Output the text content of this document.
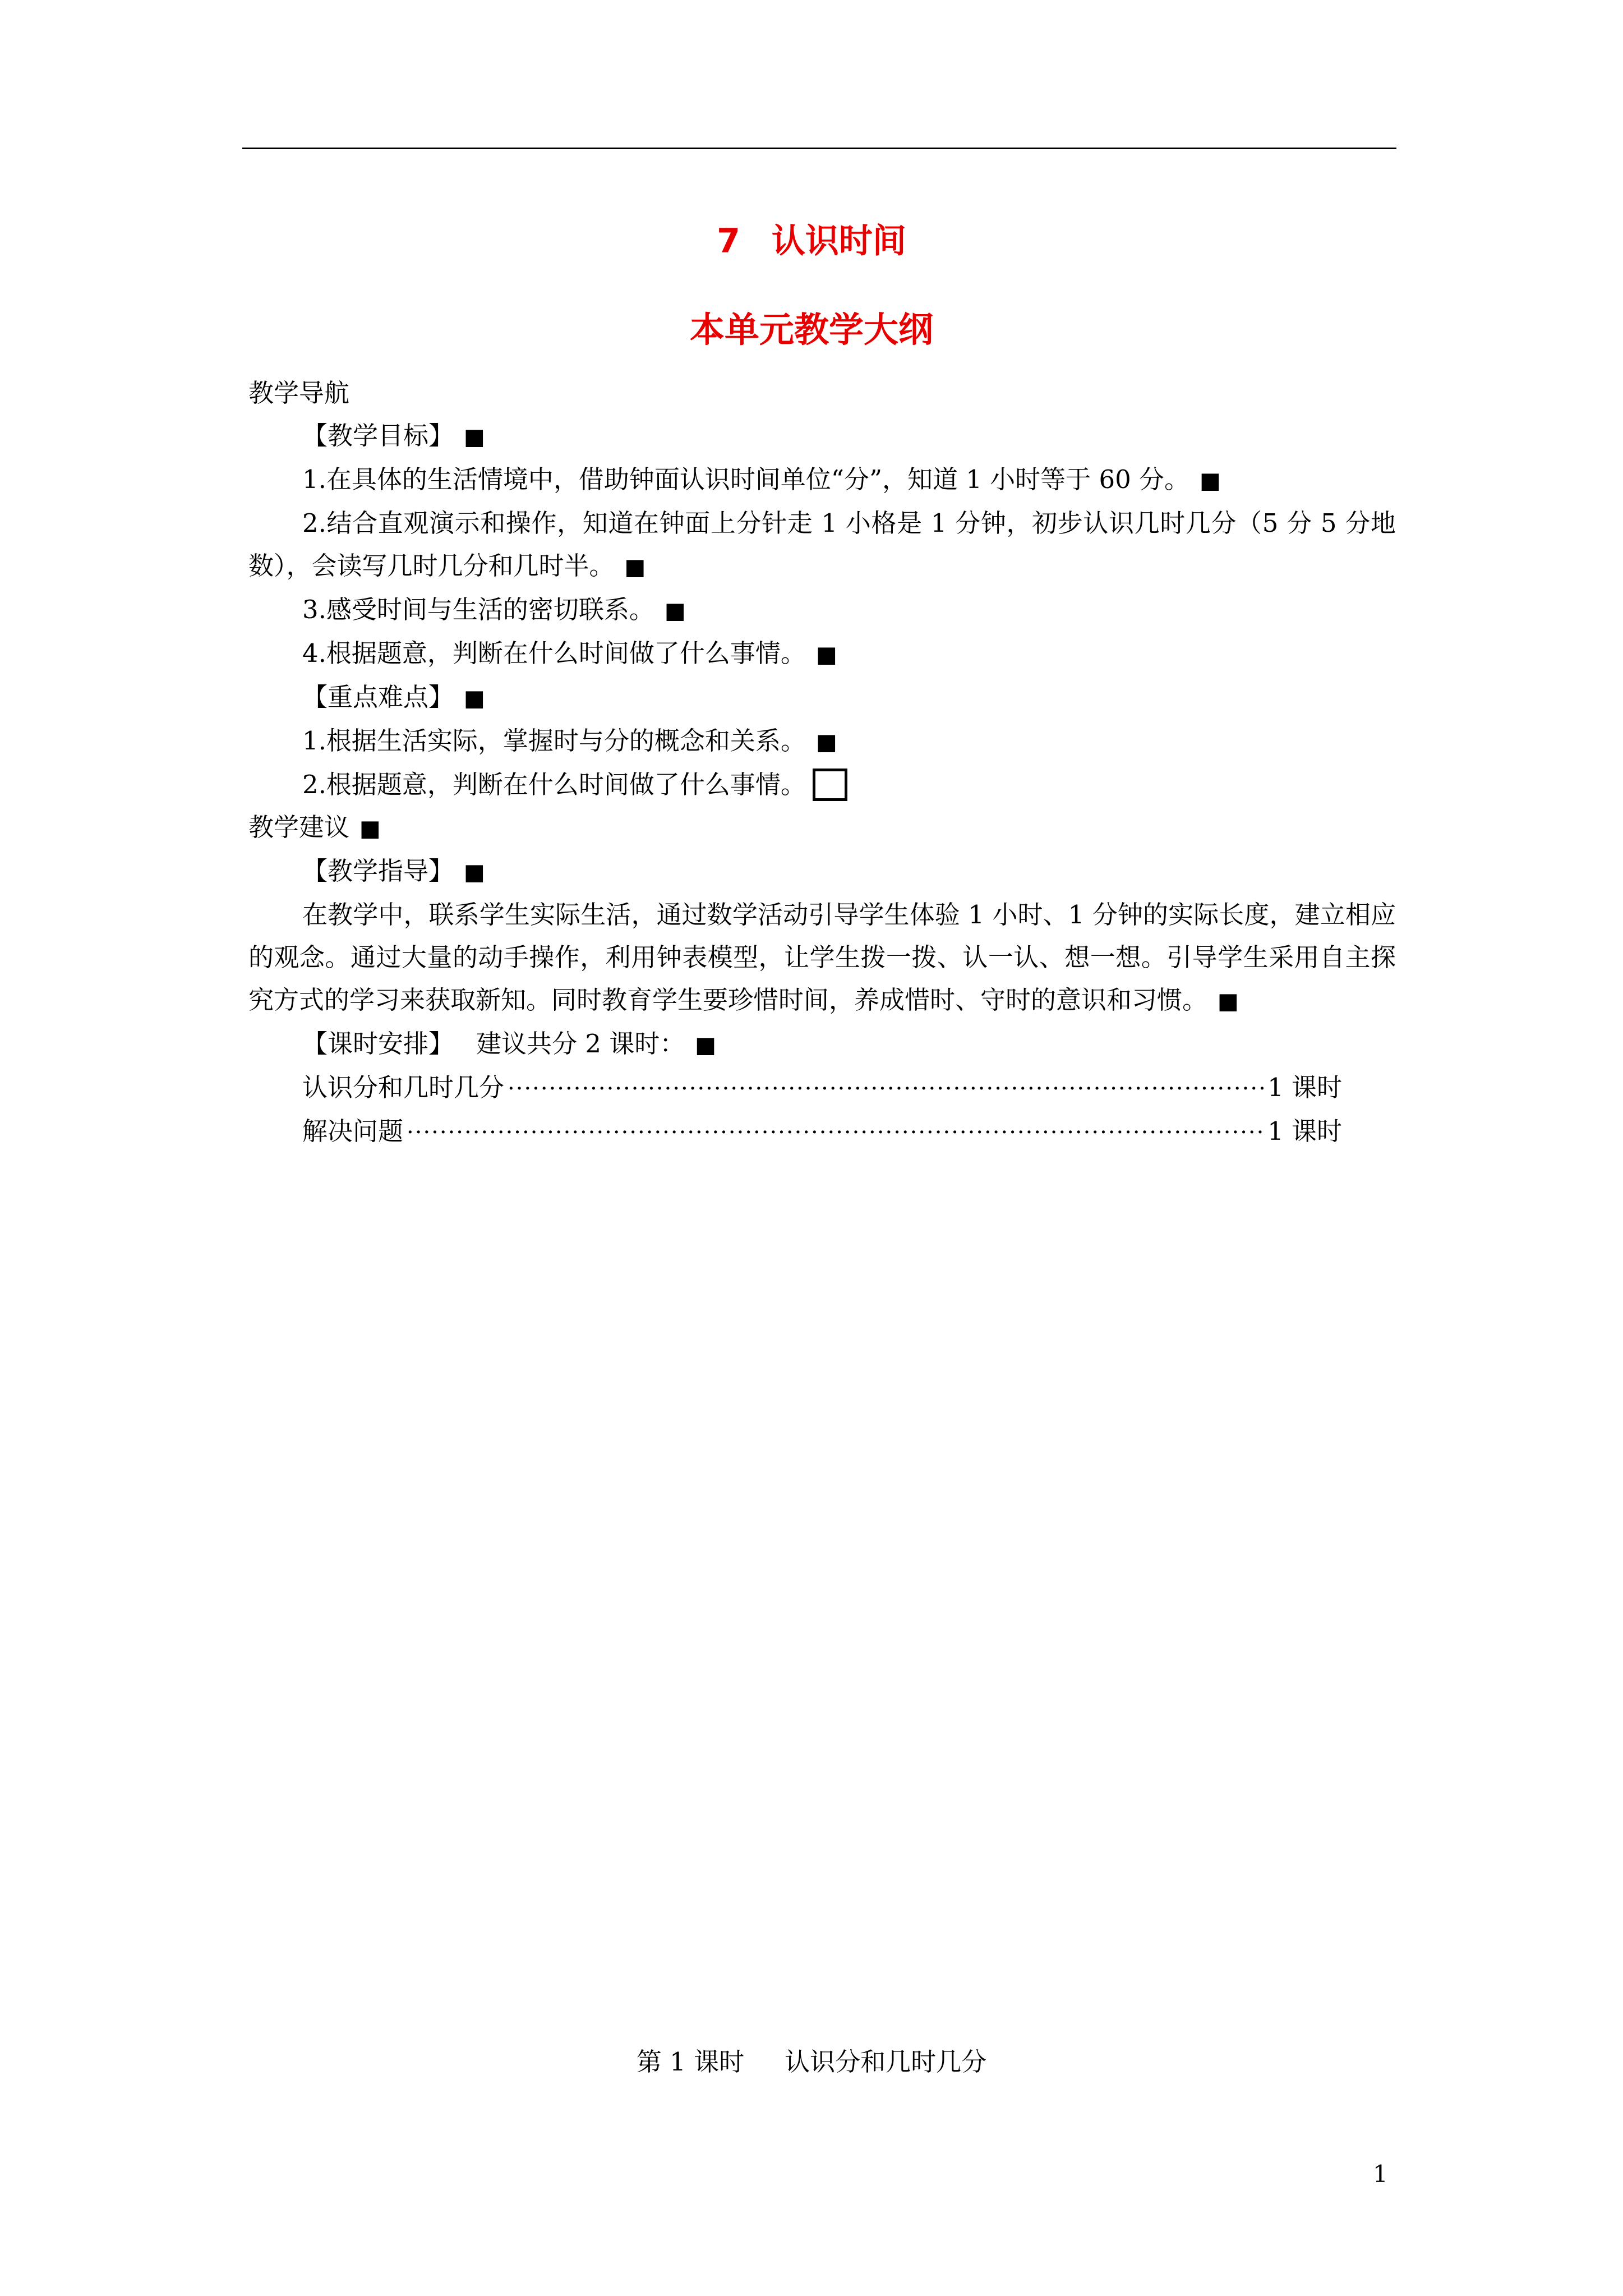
7 认识时间
本单元教学大纲

教学导航

【教学目标】 ■

1.在具体的生活情境中，借助钟面认识时间单位“分”，知道 1 小时等于 60 分。 ■

2.结合直观演示和操作，知道在钟面上分针走 1 小格是 1 分钟，初步认识几时几分（5 分 5 分地数），会读写几时几分和几时半。 ■

3.感受时间与生活的密切联系。 ■

4.根据题意，判断在什么时间做了什么事情。 ■

【重点难点】 ■

1.根据生活实际，掌握时与分的概念和关系。 ■

2.根据题意，判断在什么时间做了什么事情。

教学建议 ■

【教学指导】 ■

在教学中，联系学生实际生活，通过数学活动引导学生体验 1 小时、1 分钟的实际长度，建立相应的观念。通过大量的动手操作，利用钟表模型，让学生拨一拨、认一认、想一想。引导学生采用自主探究方式的学习来获取新知。同时教育学生要珍惜时间，养成惜时、守时的意识和习惯。 ■

【课时安排】 建议共分 2 课时： ■

认识分和几时几分 ·····	1 课时
解决问题 ·····	1 课时
第 1 课时 认识分和几时几分
1
